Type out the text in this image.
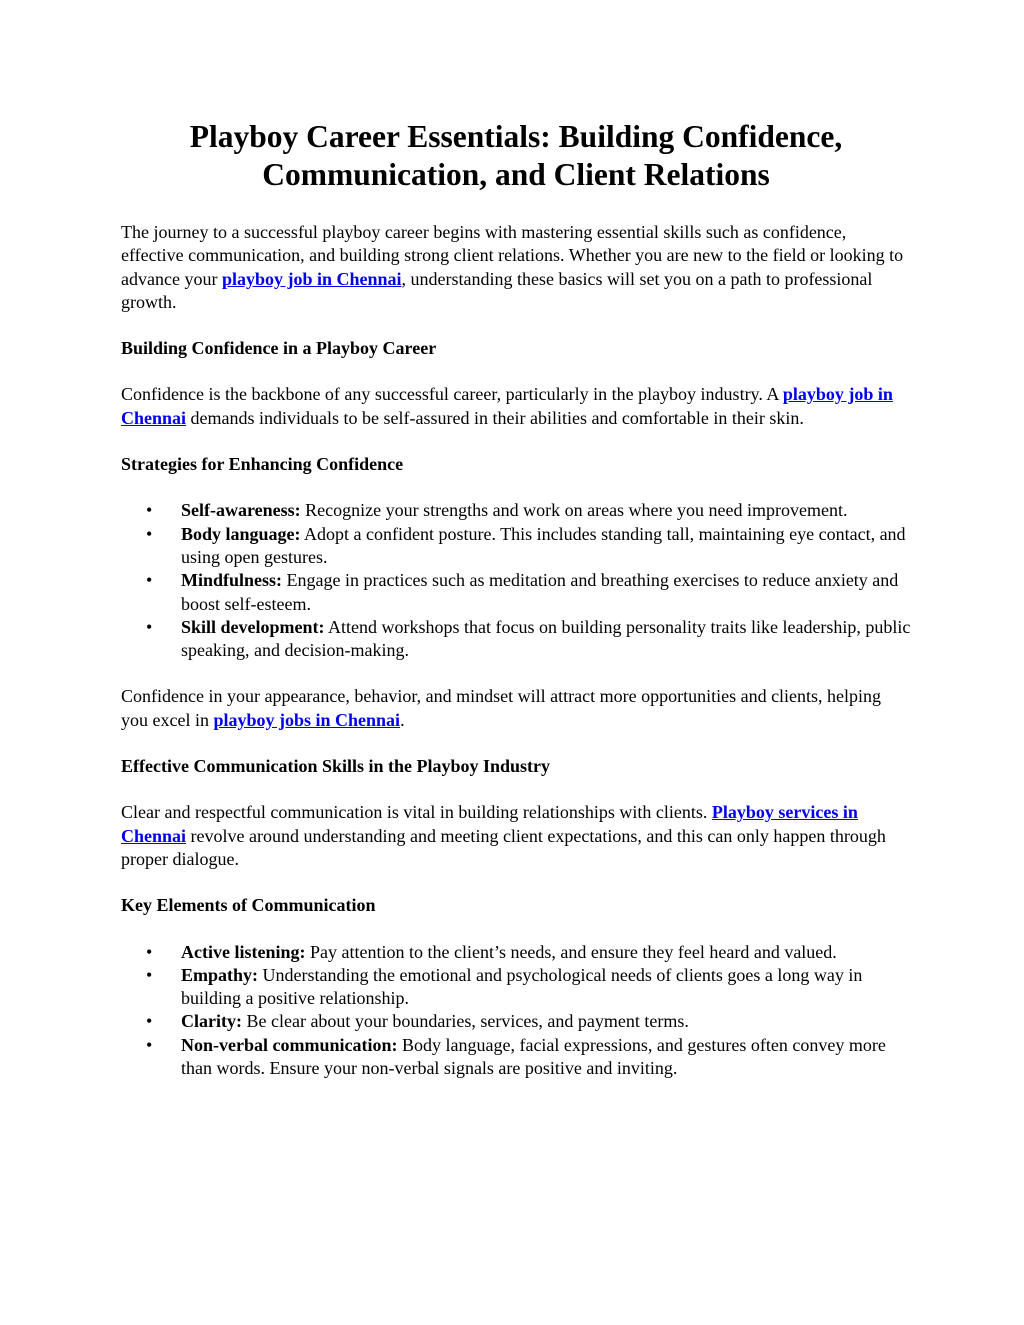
Playboy Career Essentials: Building Confidence, Communication, and Client Relations

The journey to a successful playboy career begins with mastering essential skills such as confidence, effective communication, and building strong client relations. Whether you are new to the field or looking to advance your playboy job in Chennai, understanding these basics will set you on a path to professional growth.

Building Confidence in a Playboy Career

Confidence is the backbone of any successful career, particularly in the playboy industry. A playboy job in Chennai demands individuals to be self-assured in their abilities and comfortable in their skin.

Strategies for Enhancing Confidence

• Self-awareness: Recognize your strengths and work on areas where you need improvement.
• Body language: Adopt a confident posture. This includes standing tall, maintaining eye contact, and using open gestures.
• Mindfulness: Engage in practices such as meditation and breathing exercises to reduce anxiety and boost self-esteem.
• Skill development: Attend workshops that focus on building personality traits like leadership, public speaking, and decision-making.

Confidence in your appearance, behavior, and mindset will attract more opportunities and clients, helping you excel in playboy jobs in Chennai.

Effective Communication Skills in the Playboy Industry

Clear and respectful communication is vital in building relationships with clients. Playboy services in Chennai revolve around understanding and meeting client expectations, and this can only happen through proper dialogue.

Key Elements of Communication

• Active listening: Pay attention to the client’s needs, and ensure they feel heard and valued.
• Empathy: Understanding the emotional and psychological needs of clients goes a long way in building a positive relationship.
• Clarity: Be clear about your boundaries, services, and payment terms.
• Non-verbal communication: Body language, facial expressions, and gestures often convey more than words. Ensure your non-verbal signals are positive and inviting.
